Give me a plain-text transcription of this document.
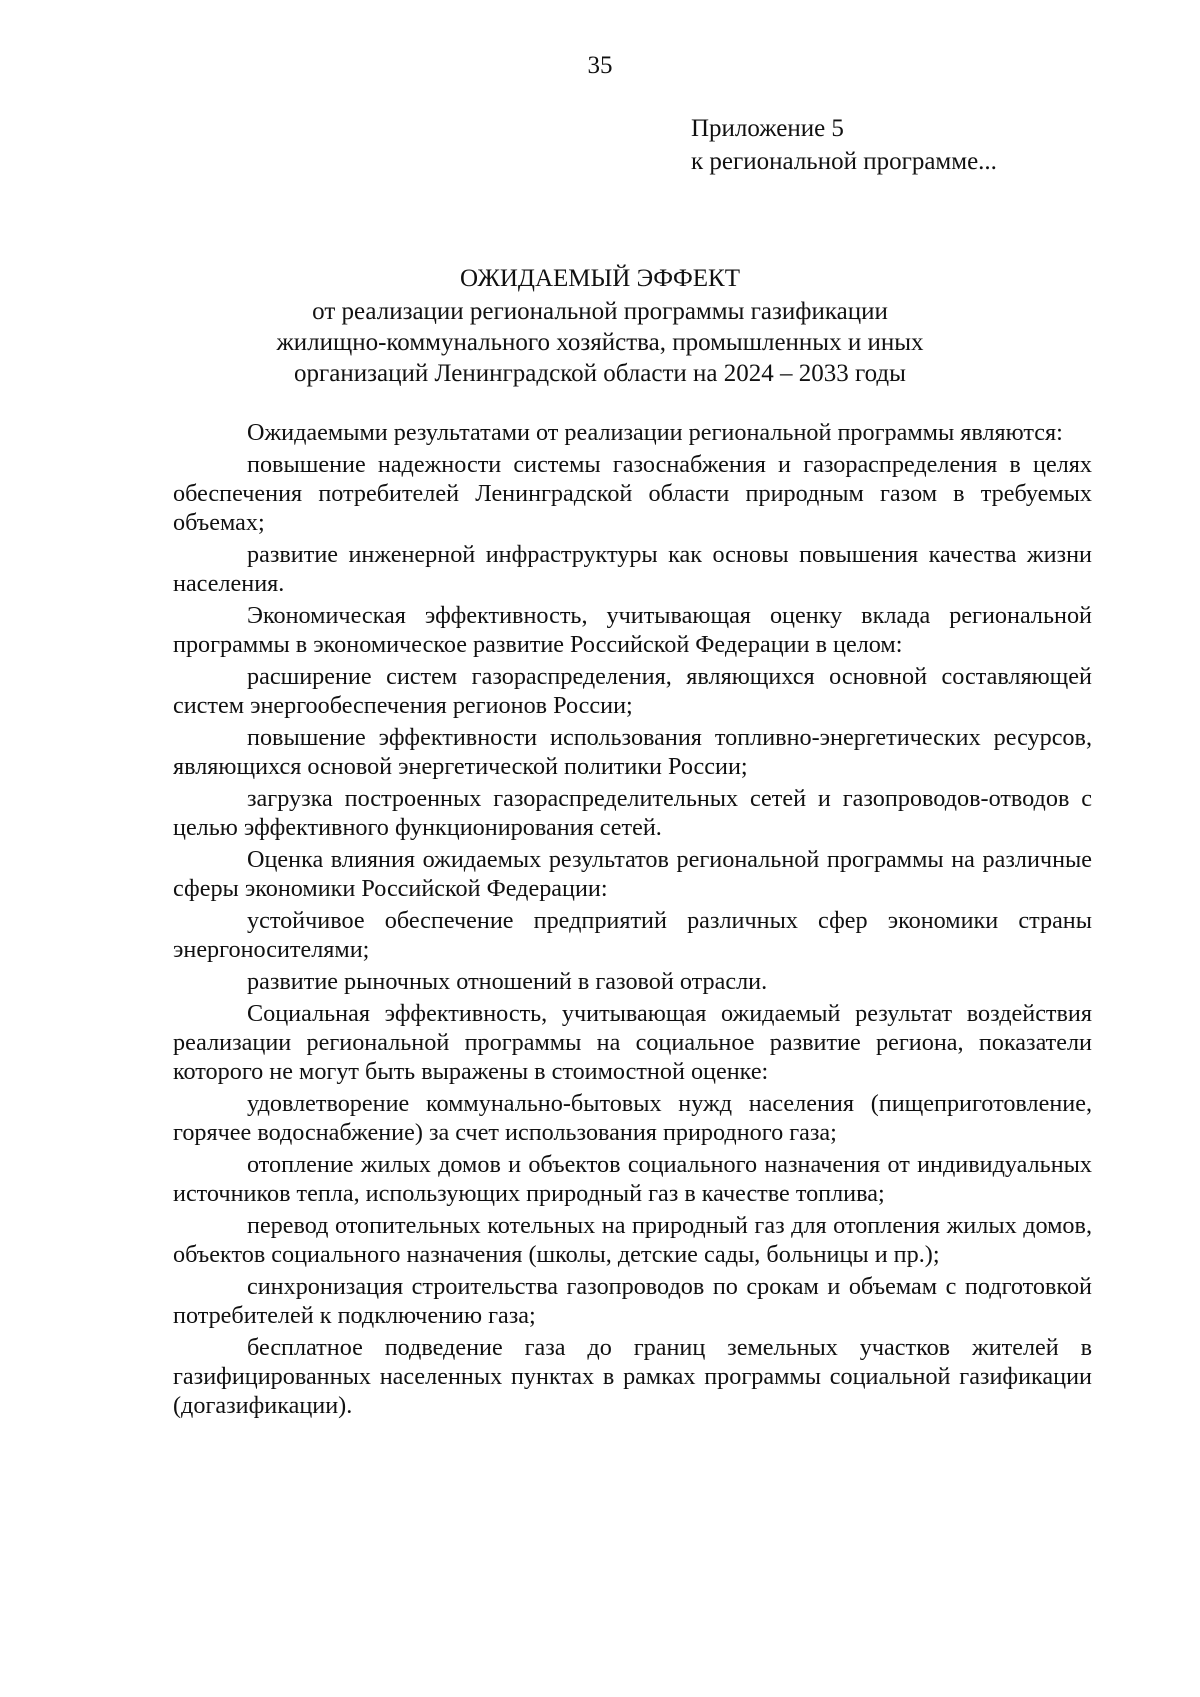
35
Приложение 5
к региональной программе...
ОЖИДАЕМЫЙ ЭФФЕКТ
от реализации региональной программы газификации
жилищно-коммунального хозяйства, промышленных и иных
организаций Ленинградской области на 2024 – 2033 годы

Ожидаемыми результатами от реализации региональной программы являются:

повышение надежности системы газоснабжения и газораспределения в целях обеспечения потребителей Ленинградской области природным газом в требуемых объемах;

развитие инженерной инфраструктуры как основы повышения качества жизни населения.

Экономическая эффективность, учитывающая оценку вклада региональной программы в экономическое развитие Российской Федерации в целом:

расширение систем газораспределения, являющихся основной составляющей систем энергообеспечения регионов России;

повышение эффективности использования топливно-энергетических ресурсов, являющихся основой энергетической политики России;

загрузка построенных газораспределительных сетей и газопроводов-отводов с целью эффективного функционирования сетей.

Оценка влияния ожидаемых результатов региональной программы на различные сферы экономики Российской Федерации:

устойчивое обеспечение предприятий различных сфер экономики страны энергоносителями;

развитие рыночных отношений в газовой отрасли.

Социальная эффективность, учитывающая ожидаемый результат воздействия реализации региональной программы на социальное развитие региона, показатели которого не могут быть выражены в стоимостной оценке:

удовлетворение коммунально-бытовых нужд населения (пищеприготовление, горячее водоснабжение) за счет использования природного газа;

отопление жилых домов и объектов социального назначения от индивидуальных источников тепла, использующих природный газ в качестве топлива;

перевод отопительных котельных на природный газ для отопления жилых домов, объектов социального назначения (школы, детские сады, больницы и пр.);

синхронизация строительства газопроводов по срокам и объемам с подготовкой потребителей к подключению газа;

бесплатное подведение газа до границ земельных участков жителей в газифицированных населенных пунктах в рамках программы социальной газификации (догазификации).
